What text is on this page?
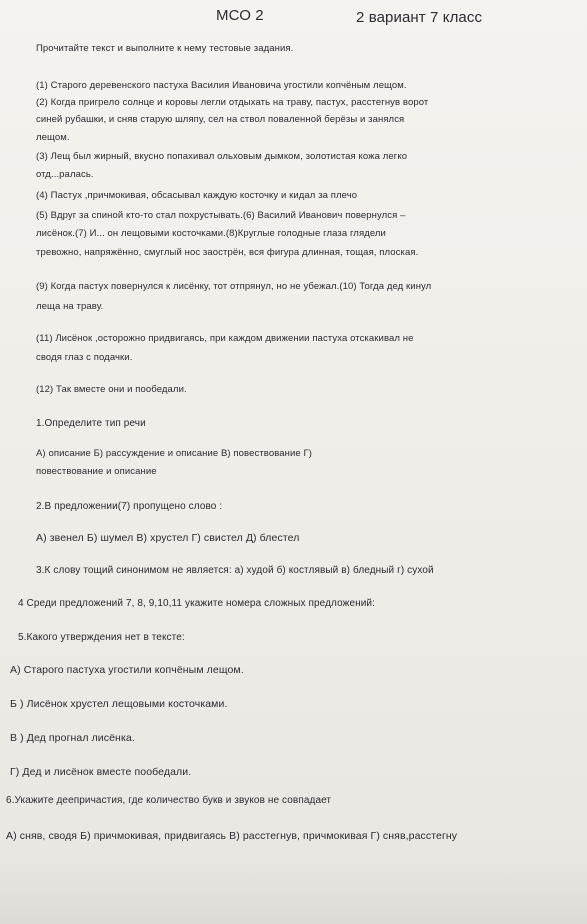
МСО 2	2 вариант 7 класс
Прочитайте текст и выполните к нему тестовые задания.
(1) Старого деревенского пастуха Василия Ивановича угостили копчёным лещом.
(2) Когда пригрело солнце и коровы легли отдыхать на траву, пастух, расстегнув ворот
синей рубашки, и сняв старую шляпу, сел на ствол поваленной берёзы и занялся
лещом.
(3) Лещ был жирный, вкусно попахивал ольховым дымком, золотистая кожа легко
отд...ралась.
(4) Пастух ,причмокивая, обсасывал каждую косточку и кидал за плечо
(5) Вдруг за спиной кто-то стал похрустывать.(6) Василий Иванович повернулся –
лисёнок.(7) И... он лещовыми косточками.(8)Круглые голодные глаза глядели
тревожно, напряжённо, смуглый нос заострён, вся фигура длинная, тощая, плоская.
(9) Когда пастух повернулся к лисёнку, тот отпрянул, но не убежал.(10) Тогда дед кинул
леща на траву.
(11) Лисёнок ,осторожно придвигаясь, при каждом движении пастуха отскакивал не
сводя глаз с подачки.
(12) Так вместе они и пообедали.
1.Определите тип речи
А) описание Б) рассуждение и описание В) повествование Г)
повествование и описание
2.В предложении(7) пропущено слово :
А) звенел Б) шумел В) хрустел Г) свистел Д) блестел
3.К слову тощий синонимом не является: а) худой б) костлявый в) бледный г) сухой
4 Среди предложений 7, 8, 9,10,11 укажите номера сложных предложений:
5.Какого утверждения нет в тексте:
А) Старого пастуха угостили копчёным лещом.
Б ) Лисёнок хрустел лещовыми косточками.
В ) Дед прогнал лисёнка.
Г) Дед и лисёнок вместе пообедали.
6.Укажите деепричастия, где количество букв и звуков не совпадает
А) сняв, сводя Б) причмокивая, придвигаясь В) расстегнув, причмокивая Г) сняв,расстегну
